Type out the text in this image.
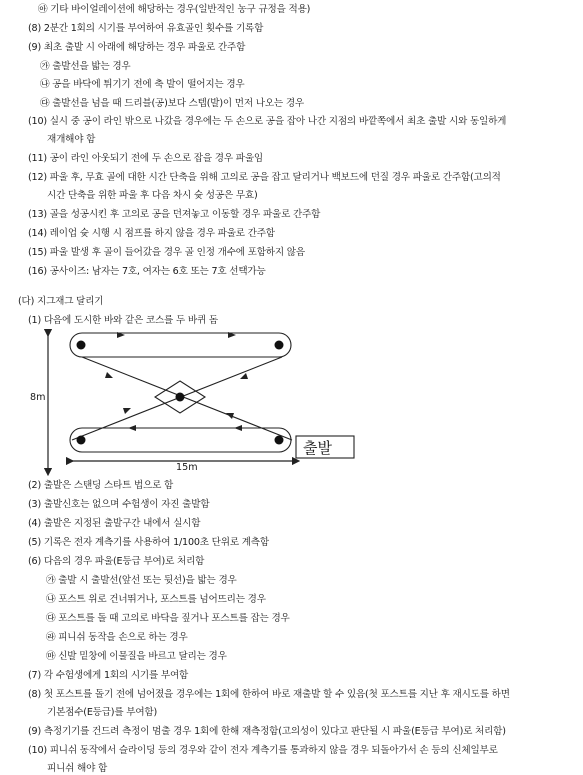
㉵ 기타 바이얼레이션에 해당하는 경우(일반적인 농구 규정을 적용)
(8) 2분간 1회의 시기를 부여하여 유효골인 횟수를 기록함
(9) 최초 출발 시 아래에 해당하는 경우 파울로 간주함
㉮ 출발선을 밟는 경우
㉯ 공을 바닥에 튀기기 전에 축 발이 떨어지는 경우
㉰ 출발선을 넘을 때 드리블(공)보다 스텝(발)이 먼저 나오는 경우
(10) 실시 중 공이 라인 밖으로 나갔을 경우에는 두 손으로 공을 잡아 나간 지점의 바깥쪽에서 최초 출발 시와 동일하게
재개해야 함
(11) 공이 라인 아웃되기 전에 두 손으로 잡을 경우 파울임
(12) 파울 후, 무효 골에 대한 시간 단축을 위해 고의로 공을 잡고 달리거나 백보드에 던질 경우 파울로 간주함(고의적
시간 단축을 위한 파울 후 다음 차시 슛 성공은 무효)
(13) 골을 성공시킨 후 고의로 공을 던져놓고 이동할 경우 파울로 간주함
(14) 레이업 슛 시행 시 점프를 하지 않을 경우 파울로 간주함
(15) 파울 발생 후 골이 들어갔을 경우 골 인정 개수에 포함하지 않음
(16) 공사이즈: 남자는 7호, 여자는 6호 또는 7호 선택가능
(다) 지그재그 달리기
(1) 다음에 도시한 바와 같은 코스를 두 바퀴 돔
8m
15m
출발
(2) 출발은 스탠딩 스타트 법으로 함
(3) 출발신호는 없으며 수험생이 자진 출발함
(4) 출발은 지정된 출발구간 내에서 실시함
(5) 기록은 전자 계측기를 사용하여 1/100초 단위로 계측함
(6) 다음의 경우 파울(E등급 부여)로 처리함
㉮ 출발 시 출발선(앞선 또는 뒷선)을 밟는 경우
㉯ 포스트 위로 건너뛰거나, 포스트를 넘어뜨리는 경우
㉰ 포스트를 돌 때 고의로 바닥을 짚거나 포스트를 잡는 경우
㉱ 피니쉬 동작을 손으로 하는 경우
㉲ 신발 밑창에 이물질을 바르고 달리는 경우
(7) 각 수험생에게 1회의 시기를 부여함
(8) 첫 포스트를 돌기 전에 넘어졌을 경우에는 1회에 한하여 바로 재출발 할 수 있음(첫 포스트를 지난 후 재시도를 하면
기본점수(E등급)를 부여함)
(9) 측정기기를 건드려 측정이 멈출 경우 1회에 한해 재측정함(고의성이 있다고 판단될 시 파울(E등급 부여)로 처리함)
(10) 피니쉬 동작에서 슬라이딩 등의 경우와 같이 전자 계측기를 통과하지 않을 경우 되돌아가서 손 등의 신체일부로
피니쉬 해야 함
